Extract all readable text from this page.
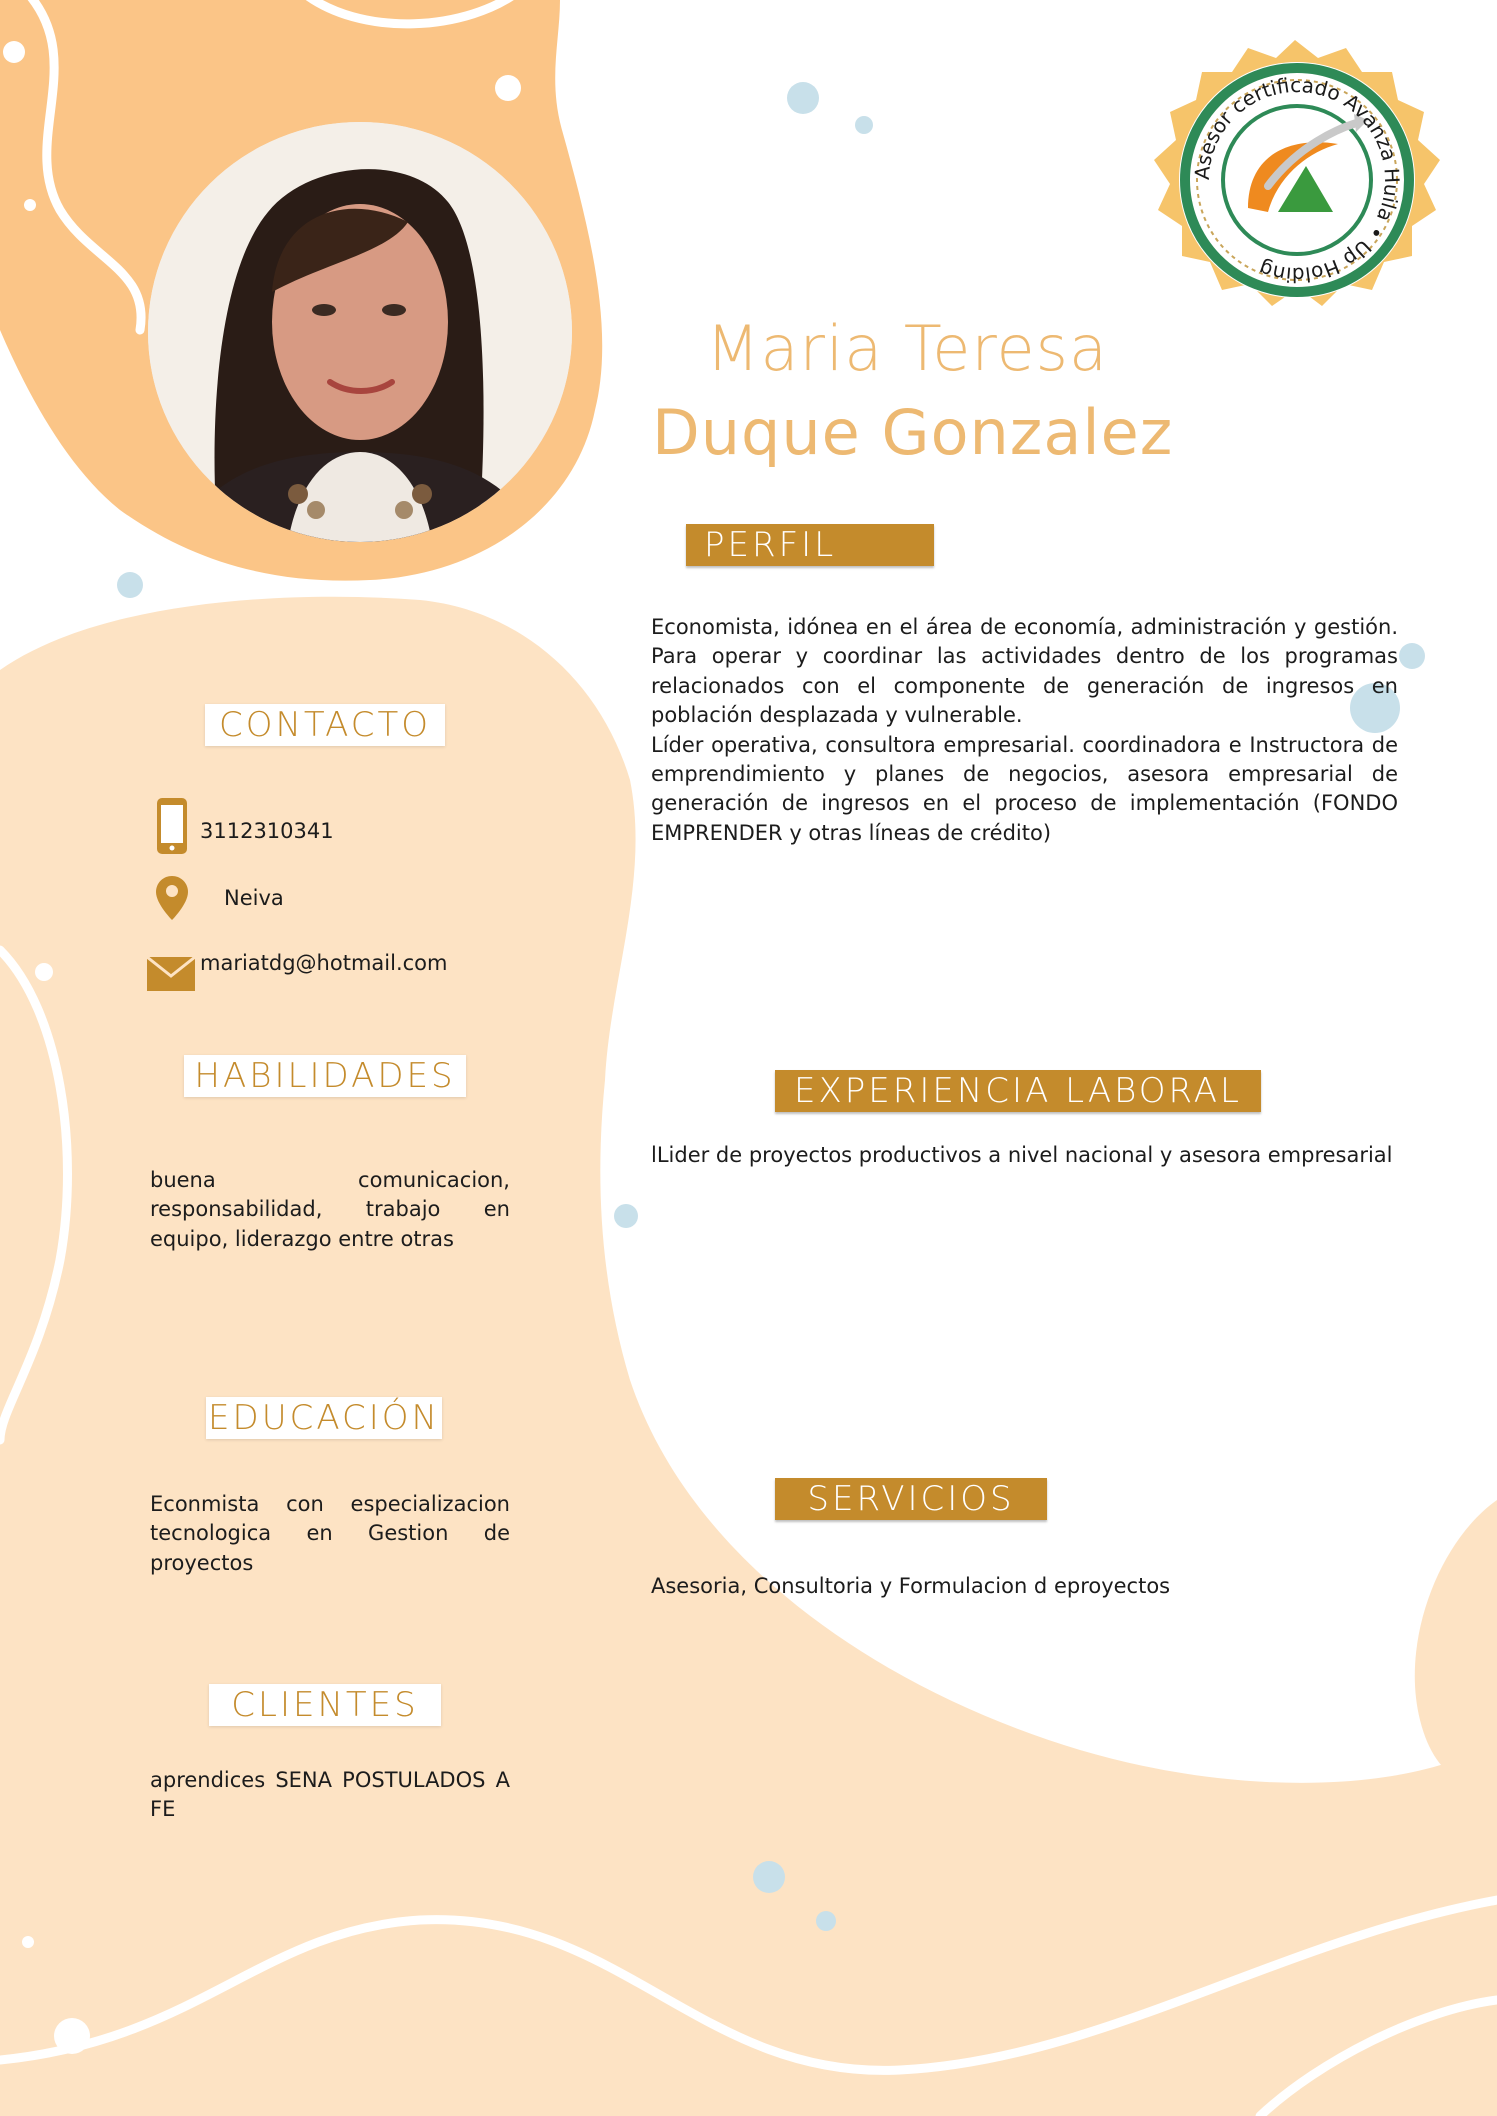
Asesor certificado Avanza Huila • Up Holding
Maria Teresa
Duque Gonzalez
PERFIL
Economista, idónea en el área de economía, administración y gestión. Para operar y coordinar las actividades dentro de los programas relacionados con el componente de generación de ingresos en población desplazada y vulnerable.
Líder operativa, consultora empresarial. coordinadora e Instructora de emprendimiento y planes de negocios, asesora empresarial de generación de ingresos en el proceso de implementación (FONDO EMPRENDER y otras líneas de crédito)
EXPERIENCIA LABORAL
lLider de proyectos productivos a nivel nacional y asesora empresarial
SERVICIOS
Asesoria, Consultoria y Formulacion d eproyectos
CONTACTO
3112310341
Neiva
mariatdg@hotmail.com
HABILIDADES
buena comunicacion, responsabilidad, trabajo en equipo, liderazgo entre otras
EDUCACIÓN
Econmista con especializacion tecnologica en Gestion de proyectos
CLIENTES
aprendices SENA POSTULADOS A FE
